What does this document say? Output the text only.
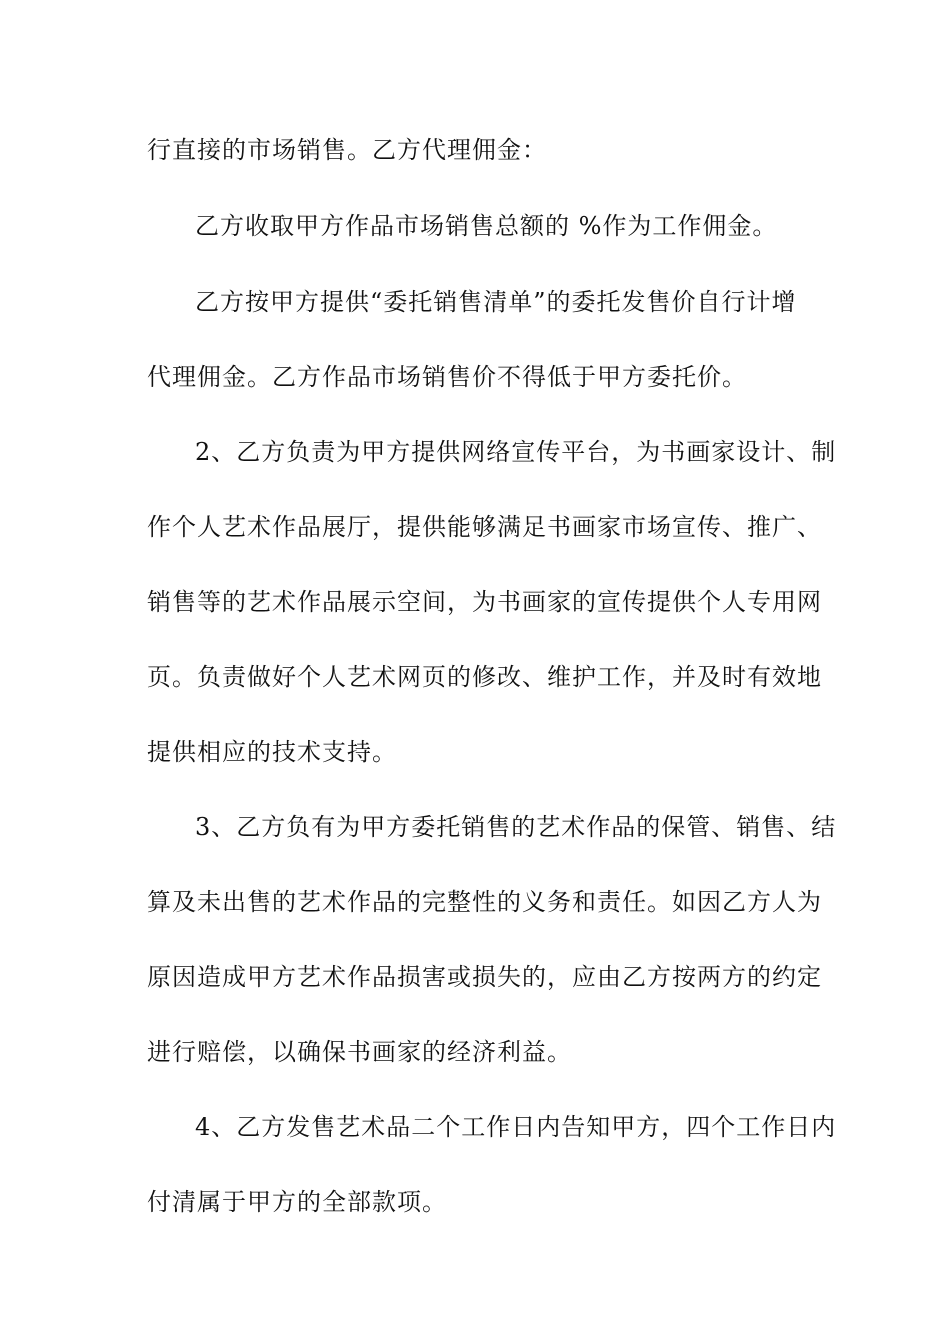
行直接的市场销售。乙方代理佣金：
乙方收取甲方作品市场销售总额的 %作为工作佣金。
乙方按甲方提供“委托销售清单”的委托发售价自行计增
代理佣金。乙方作品市场销售价不得低于甲方委托价。
2、乙方负责为甲方提供网络宣传平台，为书画家设计、制
作个人艺术作品展厅，提供能够满足书画家市场宣传、推广、
销售等的艺术作品展示空间，为书画家的宣传提供个人专用网
页。负责做好个人艺术网页的修改、维护工作，并及时有效地
提供相应的技术支持。
3、乙方负有为甲方委托销售的艺术作品的保管、销售、结
算及未出售的艺术作品的完整性的义务和责任。如因乙方人为
原因造成甲方艺术作品损害或损失的，应由乙方按两方的约定
进行赔偿，以确保书画家的经济利益。
4、乙方发售艺术品二个工作日内告知甲方，四个工作日内
付清属于甲方的全部款项。
